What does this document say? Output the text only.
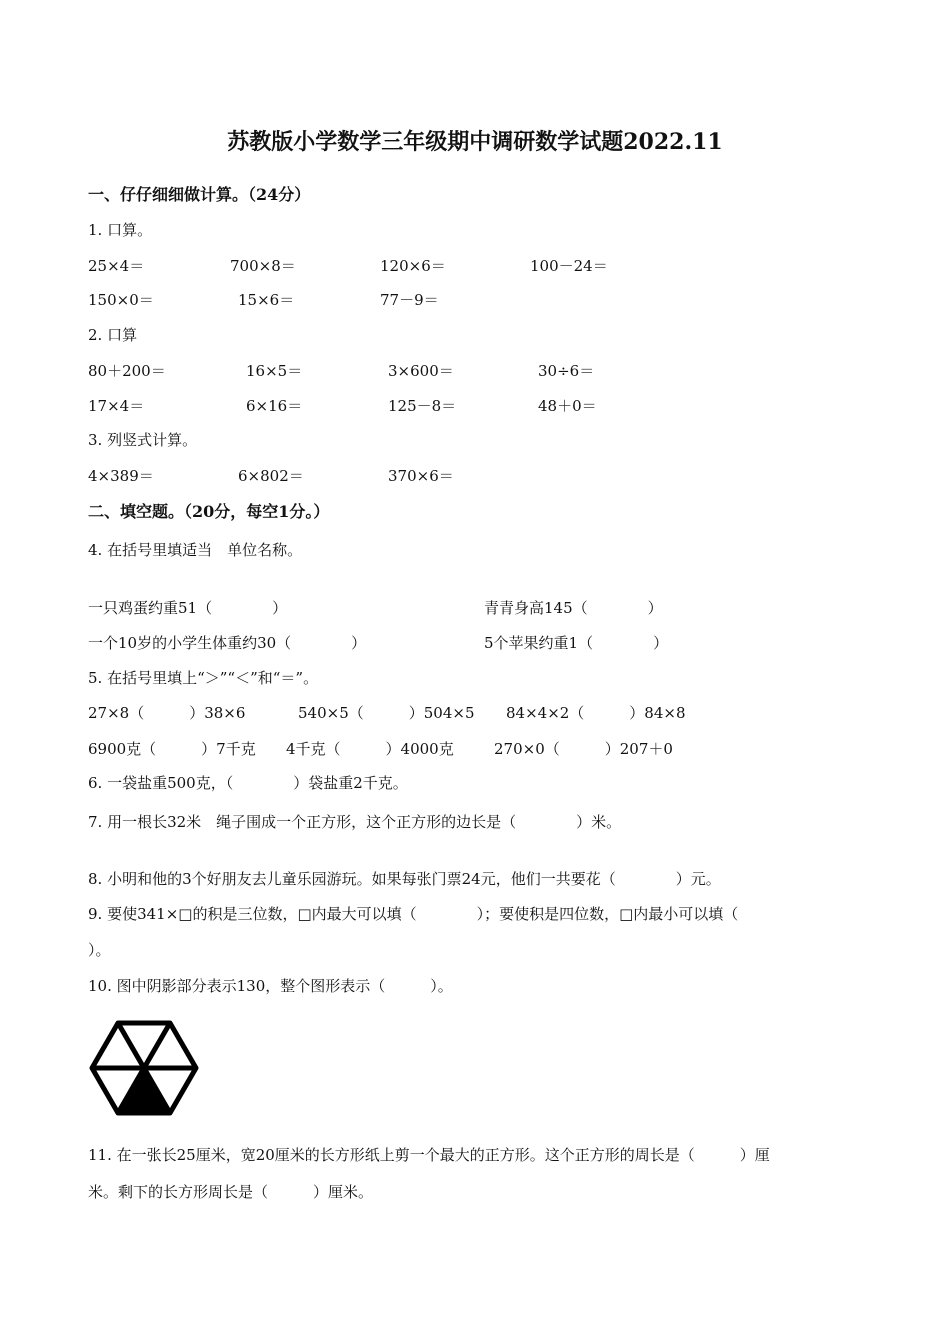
苏教版小学数学三年级期中调研数学试题2022.11
一、仔仔细细做计算。（24分）
1. 口算。
25×4＝	700×8＝	120×6＝	100－24＝
150×0＝	15×6＝	77－9＝
2. 口算
80＋200＝	16×5＝	3×600＝	30÷6＝
17×4＝	6×16＝	125－8＝	48＋0＝
3. 列竖式计算。
4×389＝	6×802＝	370×6＝
二、填空题。（20分，每空1分。）
4. 在括号里填适当　单位名称。
一只鸡蛋约重51（　　　　）	青青身高145（　　　　）
一个10岁的小学生体重约30（　　　　）	5个苹果约重1（　　　　）
5. 在括号里填上“＞”“＜”和“＝”。
27×8（　　　）38×6	540×5（　　　）504×5 84×4×2（　　　）84×8
6900克（　　　）7千克 4千克（　　　）4000克	270×0（　　　）207＋0
6. 一袋盐重500克，（　　　　）袋盐重2千克。
7. 用一根长32米　绳子围成一个正方形，这个正方形的边长是（　　　　）米。
8. 小明和他的3个好朋友去儿童乐园游玩。如果每张门票24元，他们一共要花（　　　　）元。
9. 要使341×□的积是三位数，□内最大可以填（　　　　）；要使积是四位数，□内最小可以填（
）。
10. 图中阴影部分表示130，整个图形表示（　　　）。
11. 在一张长25厘米，宽20厘米的长方形纸上剪一个最大的正方形。这个正方形的周长是（　　　）厘
米。剩下的长方形周长是（　　　）厘米。
